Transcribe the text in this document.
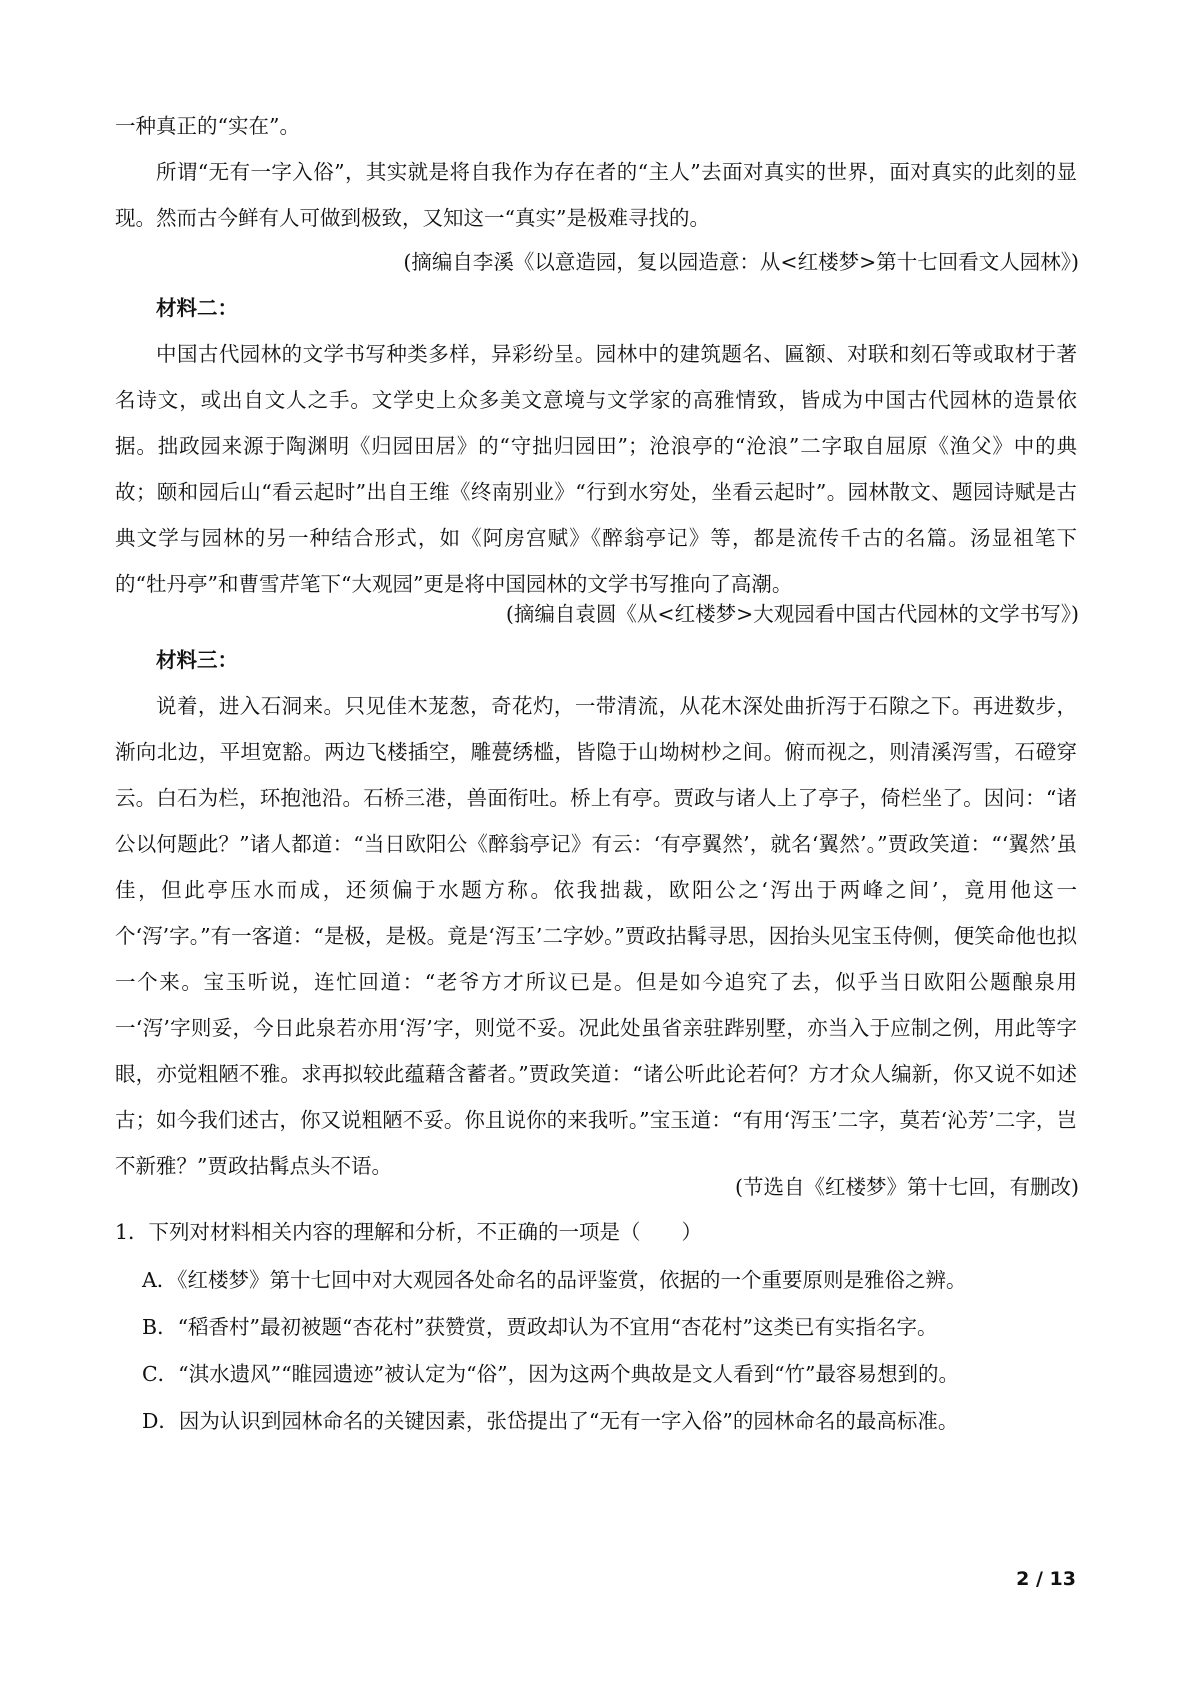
一种真正的“实在”。

所谓“无有一字入俗”，其实就是将自我作为存在者的“主人”去面对真实的世界，面对真实的此刻的显现。然而古今鲜有人可做到极致，又知这一“真实”是极难寻找的。

(摘编自李溪《以意造园，复以园造意：从<红楼梦>第十七回看文人园林》)

材料二：

中国古代园林的文学书写种类多样，异彩纷呈。园林中的建筑题名、匾额、对联和刻石等或取材于著名诗文，或出自文人之手。文学史上众多美文意境与文学家的高雅情致，皆成为中国古代园林的造景依据。拙政园来源于陶渊明《归园田居》的“守拙归园田”；沧浪亭的“沧浪”二字取自屈原《渔父》中的典故；颐和园后山“看云起时”出自王维《终南别业》“行到水穷处，坐看云起时”。园林散文、题园诗赋是古典文学与园林的另一种结合形式，如《阿房宫赋》《醉翁亭记》等，都是流传千古的名篇。汤显祖笔下的“牡丹亭”和曹雪芹笔下“大观园”更是将中国园林的文学书写推向了高潮。

(摘编自袁圆《从<红楼梦>大观园看中国古代园林的文学书写》)

材料三：

说着，进入石洞来。只见佳木茏葱，奇花灼，一带清流，从花木深处曲折泻于石隙之下。再进数步，渐向北边，平坦宽豁。两边飞楼插空，雕甍绣槛，皆隐于山坳树杪之间。俯而视之，则清溪泻雪，石磴穿云。白石为栏，环抱池沿。石桥三港，兽面衔吐。桥上有亭。贾政与诸人上了亭子，倚栏坐了。因问：“诸公以何题此？”诸人都道：“当日欧阳公《醉翁亭记》有云：‘有亭翼然’，就名‘翼然’。”贾政笑道：“‘翼然’虽佳，但此亭压水而成，还须偏于水题方称。依我拙裁，欧阳公之‘泻出于两峰之间’，竟用他这一个‘泻’字。”有一客道：“是极，是极。竟是‘泻玉’二字妙。”贾政拈髯寻思，因抬头见宝玉侍侧，便笑命他也拟一个来。宝玉听说，连忙回道：“老爷方才所议已是。但是如今追究了去，似乎当日欧阳公题酿泉用一‘泻’字则妥，今日此泉若亦用‘泻’字，则觉不妥。况此处虽省亲驻跸别墅，亦当入于应制之例，用此等字眼，亦觉粗陋不雅。求再拟较此蕴藉含蓄者。”贾政笑道：“诸公听此论若何？方才众人编新，你又说不如述古；如今我们述古，你又说粗陋不妥。你且说你的来我听。”宝玉道：“有用‘泻玉’二字，莫若‘沁芳’二字，岂不新雅？”贾政拈髯点头不语。

(节选自《红楼梦》第十七回，有删改)

1．下列对材料相关内容的理解和分析，不正确的一项是（　　）

A．《红楼梦》第十七回中对大观园各处命名的品评鉴赏，依据的一个重要原则是雅俗之辨。

B．“稻香村”最初被题“杏花村”获赞赏，贾政却认为不宜用“杏花村”这类已有实指名字。

C．“淇水遗风”“睢园遗迹”被认定为“俗”，因为这两个典故是文人看到“竹”最容易想到的。

D．因为认识到园林命名的关键因素，张岱提出了“无有一字入俗”的园林命名的最高标准。

2 / 13
